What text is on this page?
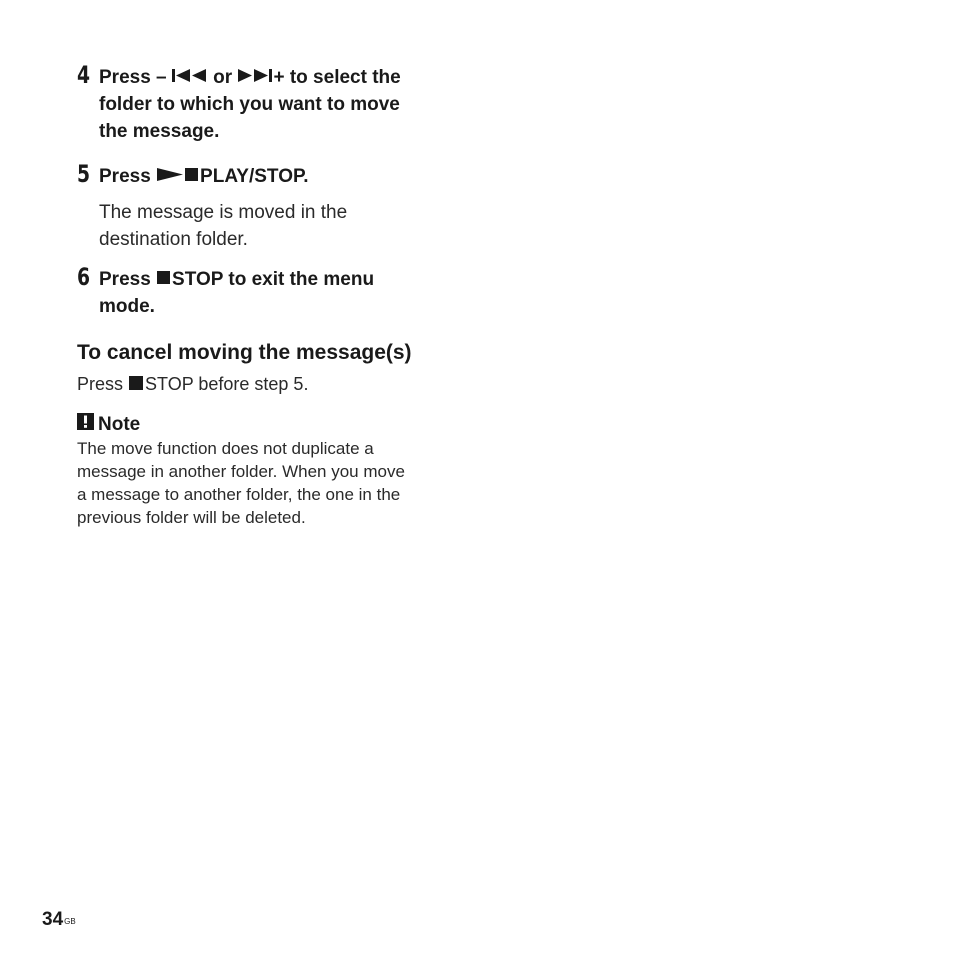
4 Press –
or
+ to select the
folder to which you want to move
the message.
5 Press
PLAY/STOP.
The message is moved in the
destination folder.
6 Press
STOP to exit the menu
mode.
To cancel moving the message(s)
Press
STOP before step 5.
Note
The move function does not duplicate a
message in another folder. When you move
a message to another folder, the one in the
previous folder will be deleted.
$34^{GB}$
